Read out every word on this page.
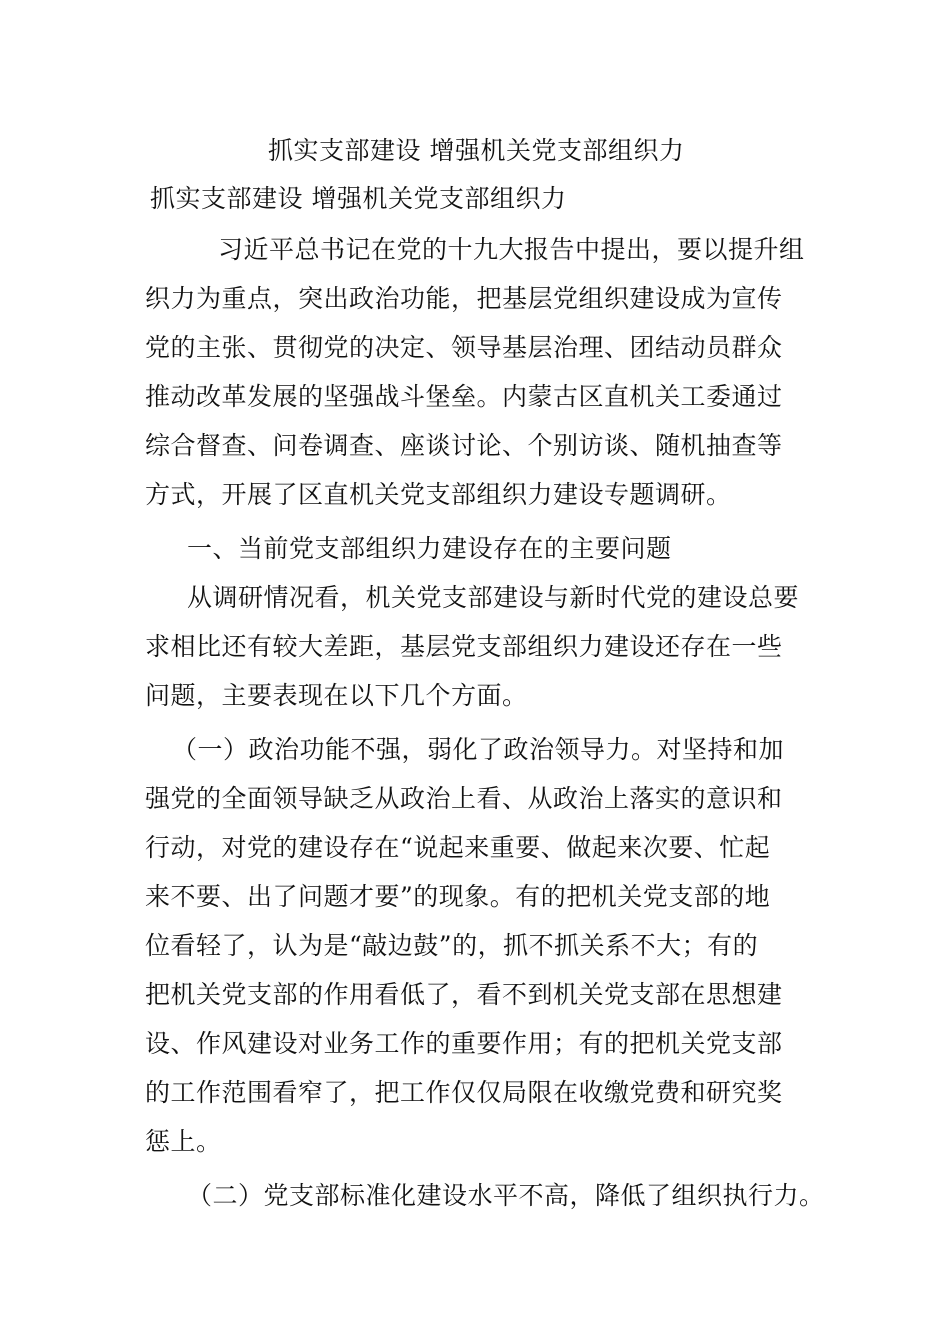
抓实支部建设 增强机关党支部组织力
抓实支部建设 增强机关党支部组织力
习近平总书记在党的十九大报告中提出，要以提升组
织力为重点，突出政治功能，把基层党组织建设成为宣传
党的主张、贯彻党的决定、领导基层治理、团结动员群众
推动改革发展的坚强战斗堡垒。内蒙古区直机关工委通过
综合督查、问卷调查、座谈讨论、个别访谈、随机抽查等
方式，开展了区直机关党支部组织力建设专题调研。
一、当前党支部组织力建设存在的主要问题
从调研情况看，机关党支部建设与新时代党的建设总要
求相比还有较大差距，基层党支部组织力建设还存在一些
问题，主要表现在以下几个方面。
（一）政治功能不强，弱化了政治领导力。对坚持和加
强党的全面领导缺乏从政治上看、从政治上落实的意识和
行动，对党的建设存在“说起来重要、做起来次要、忙起
来不要、出了问题才要”的现象。有的把机关党支部的地
位看轻了，认为是“敲边鼓”的，抓不抓关系不大；有的
把机关党支部的作用看低了，看不到机关党支部在思想建
设、作风建设对业务工作的重要作用；有的把机关党支部
的工作范围看窄了，把工作仅仅局限在收缴党费和研究奖
惩上。
（二）党支部标准化建设水平不高，降低了组织执行力。
